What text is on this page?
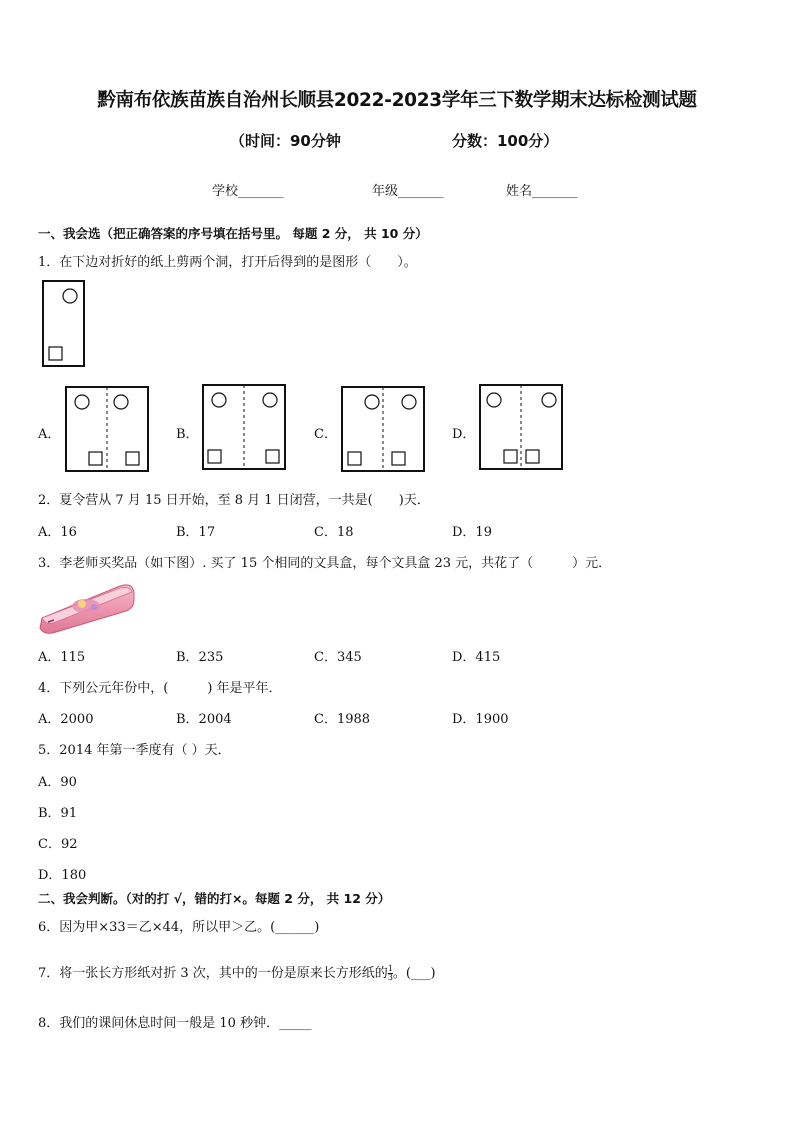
黔南布依族苗族自治州长顺县2022-2023学年三下数学期末达标检测试题
（时间：90分钟	分数：100分）
学校_______	年级_______	姓名_______
一、我会选（把正确答案的序号填在括号里。 每题 2 分， 共 10 分）
1．在下边对折好的纸上剪两个洞，打开后得到的是图形（　　）。
A．	B．	C．	D．
2．夏令营从 7 月 15 日开始，至 8 月 1 日闭营，一共是(　　)天．
A．16	B．17	C．18	D．19
3．李老师买奖品（如下图）. 买了 15 个相同的文具盒，每个文具盒 23 元，共花了（　　　）元．
A．115	B．235	C．345	D．415
4．下列公元年份中，(　　　) 年是平年．
A．2000	B．2004	C．1988	D．1900
5．2014 年第一季度有（ ）天．
A．90
B．91
C．92
D．180
二、我会判断。（对的打 √，错的打×。每题 2 分， 共 12 分）
6．因为甲×33＝乙×44，所以甲＞乙。(______)
7．将一张长方形纸对折 3 次，其中的一份是原来长方形纸的 $\frac{1}{3}$ 。(___)
8．我们的课间休息时间一般是 10 秒钟．_____
